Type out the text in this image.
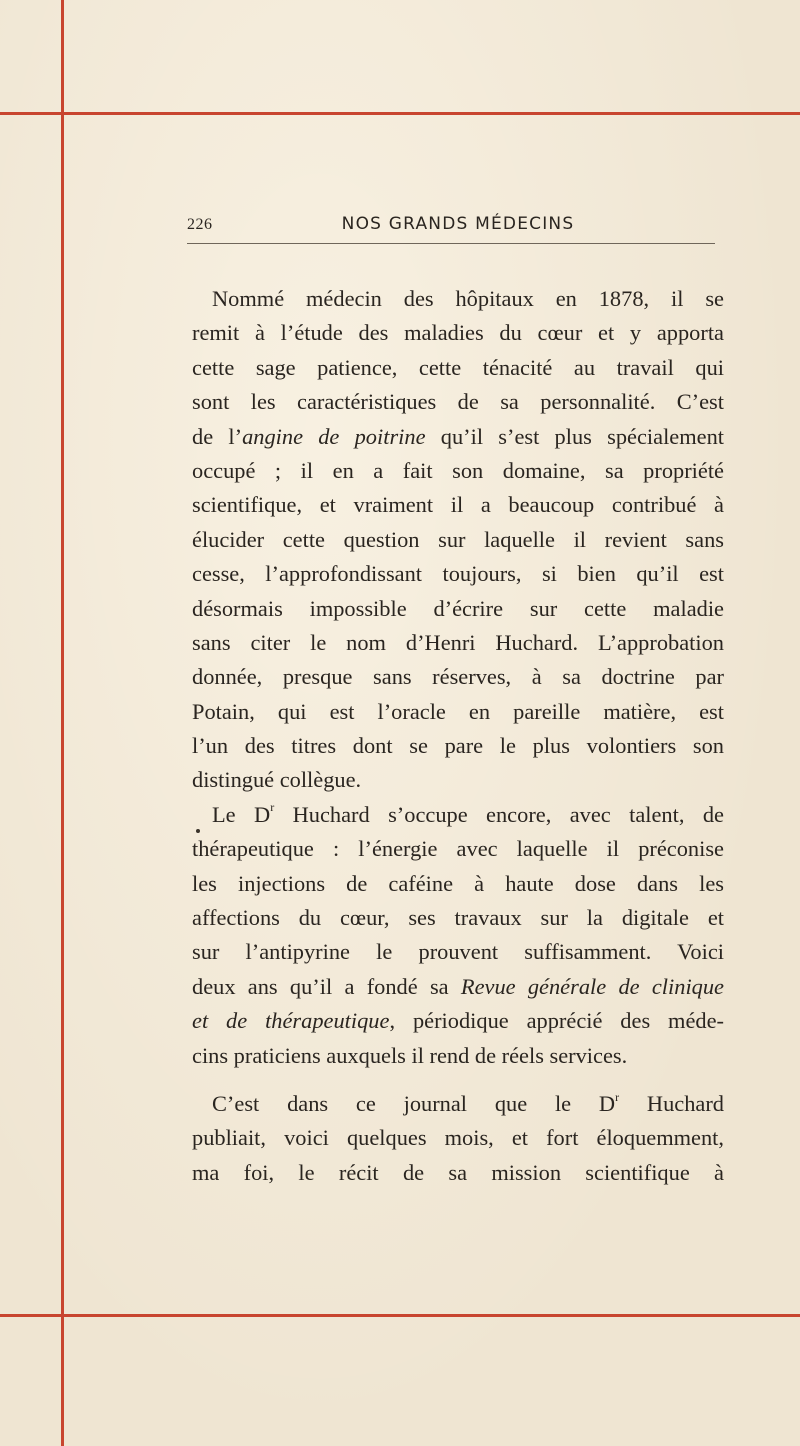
226	NOS GRANDS MÉDECINS
Nommé médecin des hôpitaux en 1878, il se
remit à l’étude des maladies du cœur et y apporta
cette sage patience, cette ténacité au travail qui
sont les caractéristiques de sa personnalité. C’est
de l’angine de poitrine qu’il s’est plus spécialement
occupé ; il en a fait son domaine, sa propriété
scientifique, et vraiment il a beaucoup contribué à
élucider cette question sur laquelle il revient sans
cesse, l’approfondissant toujours, si bien qu’il est
désormais impossible d’écrire sur cette maladie
sans citer le nom d’Henri Huchard. L’approbation
donnée, presque sans réserves, à sa doctrine par
Potain, qui est l’oracle en pareille matière, est
l’un des titres dont se pare le plus volontiers son
distingué collègue.
Le $D^r$ Huchard s’occupe encore, avec talent, de
thérapeutique : l’énergie avec laquelle il préconise
les injections de caféine à haute dose dans les
affections du cœur, ses travaux sur la digitale et
sur l’antipyrine le prouvent suffisamment. Voici
deux ans qu’il a fondé sa Revue générale de clinique
et de thérapeutique, périodique apprécié des méde-
cins praticiens auxquels il rend de réels services.
C’est dans ce journal que le $D^r$ Huchard
publiait, voici quelques mois, et fort éloquemment,
ma foi, le récit de sa mission scientifique à
